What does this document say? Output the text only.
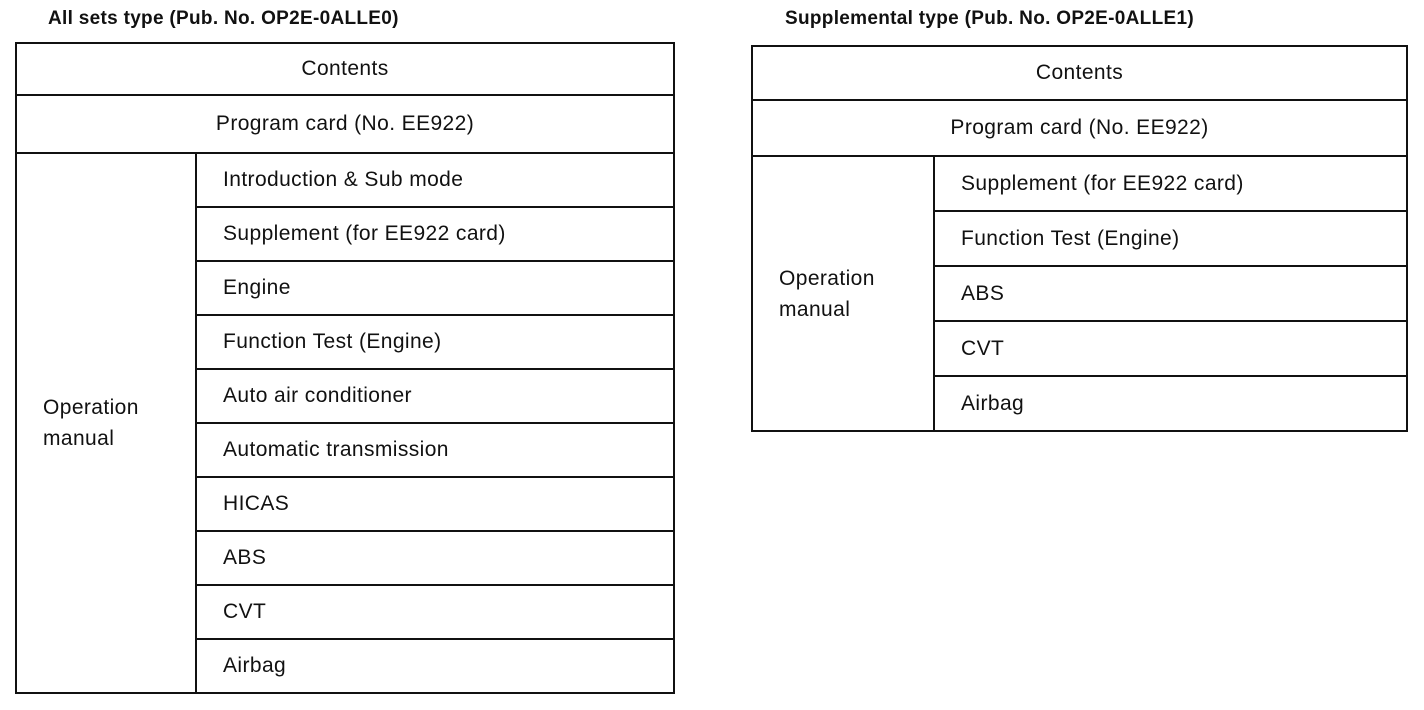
All sets type (Pub. No. OP2E-0ALLE0)
Contents
Program card (No. EE922)
Operation manual	Introduction & Sub mode
Supplement (for EE922 card)
Engine
Function Test (Engine)
Auto air conditioner
Automatic transmission
HICAS
ABS
CVT
Airbag
Supplemental type (Pub. No. OP2E-0ALLE1)
Contents
Program card (No. EE922)
Operation manual	Supplement (for EE922 card)
Function Test (Engine)
ABS
CVT
Airbag
